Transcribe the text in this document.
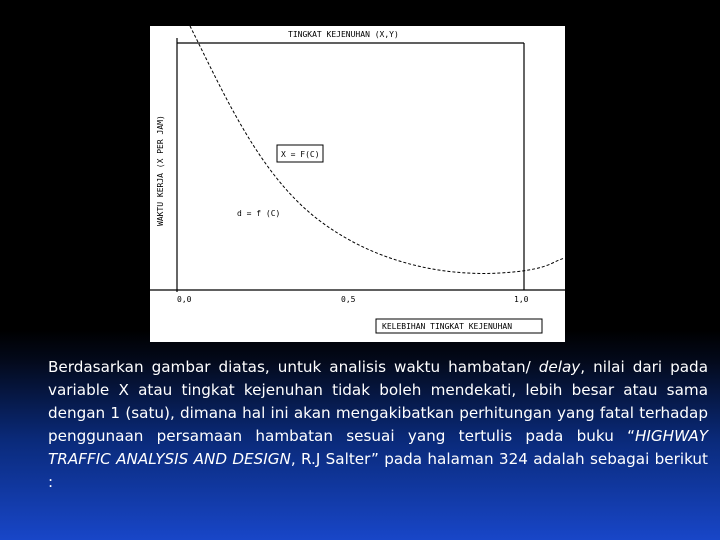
TINGKAT KEJENUHAN (X,Y)
WAKTU KERJA (X PER JAM)	X = F(C)
d = f (C)
0,0	0,5	1,0
KELEBIHAN TINGKAT KEJENUHAN
Berdasarkan gambar diatas, untuk analisis waktu hambatan/ delay, nilai dari pada variable X atau tingkat kejenuhan tidak boleh mendekati, lebih besar atau sama dengan 1 (satu), dimana hal ini akan mengakibatkan perhitungan yang fatal terhadap penggunaan persamaan hambatan sesuai yang tertulis pada buku “HIGHWAY TRAFFIC ANALYSIS AND DESIGN, R.J Salter” pada halaman 324 adalah sebagai berikut :
